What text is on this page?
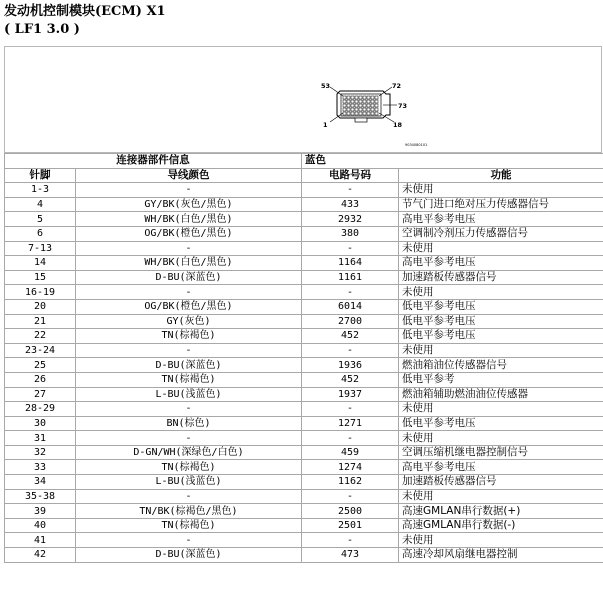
发动机控制模块(ECM) X1
( LF1 3.0 )
53	72
73
1	18
9034080101
连接器部件信息		蓝色	
针脚	导线颜色	电路号码	功能
1-3	-	-	未使用
4	GY/BK(灰色/黑色)	433	节气门进口绝对压力传感器信号
5	WH/BK(白色/黑色)	2932	高电平参考电压
6	OG/BK(橙色/黑色)	380	空调制冷剂压力传感器信号
7-13	-	-	未使用
14	WH/BK(白色/黑色)	1164	高电平参考电压
15	D-BU(深蓝色)	1161	加速踏板传感器信号
16-19	-	-	未使用
20	OG/BK(橙色/黑色)	6014	低电平参考电压
21	GY(灰色)	2700	低电平参考电压
22	TN(棕褐色)	452	低电平参考电压
23-24	-	-	未使用
25	D-BU(深蓝色)	1936	燃油箱油位传感器信号
26	TN(棕褐色)	452	低电平参考
27	L-BU(浅蓝色)	1937	燃油箱辅助燃油油位传感器
28-29	-	-	未使用
30	BN(棕色)	1271	低电平参考电压
31	-	-	未使用
32	D-GN/WH(深绿色/白色)	459	空调压缩机继电器控制信号
33	TN(棕褐色)	1274	高电平参考电压
34	L-BU(浅蓝色)	1162	加速踏板传感器信号
35-38	-	-	未使用
39	TN/BK(棕褐色/黑色)	2500	高速GMLAN串行数据(+)
40	TN(棕褐色)	2501	高速GMLAN串行数据(-)
41	-	-	未使用
42	D-BU(深蓝色)	473	高速冷却风扇继电器控制
